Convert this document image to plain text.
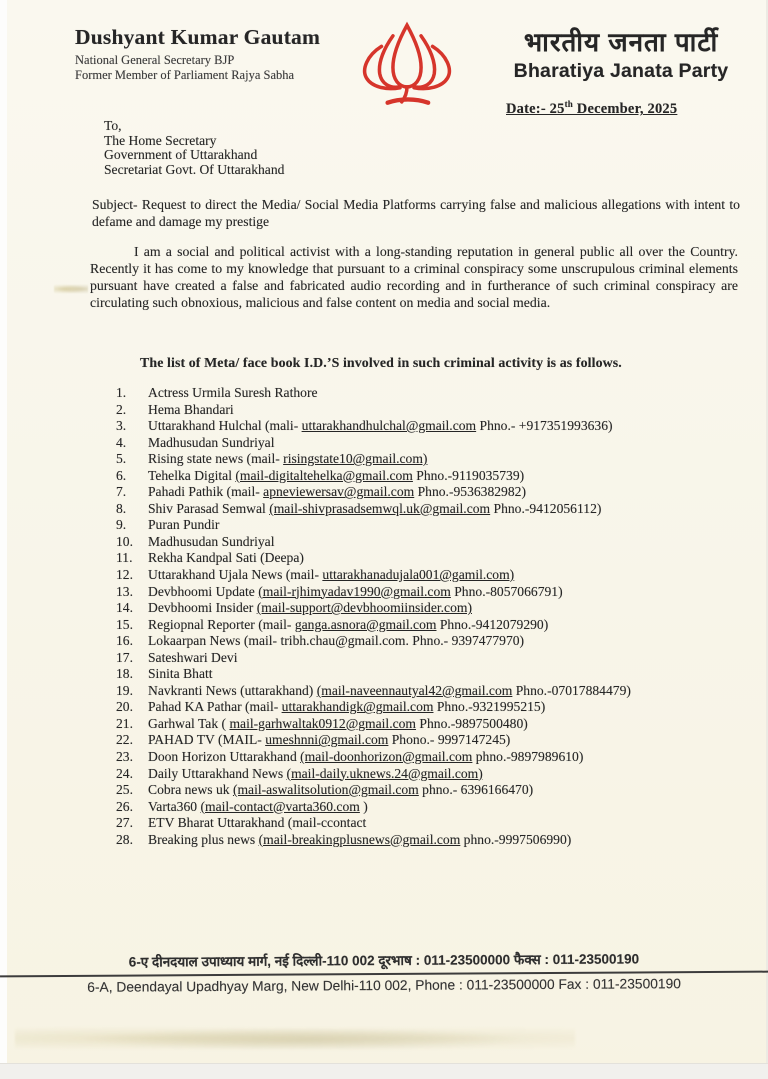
Dushyant Kumar Gautam
National General Secretary BJP
Former Member of Parliament Rajya Sabha
भारतीय जनता पार्टी
Bharatiya Janata Party
Date:- 25th December, 2025
To,
The Home Secretary
Government of Uttarakhand
Secretariat Govt. Of Uttarakhand
Subject- Request to direct the Media/ Social Media Platforms carrying false and malicious allegations with intent to defame and damage my prestige
I am a social and political activist with a long-standing reputation in general public all over the Country. Recently it has come to my knowledge that pursuant to a criminal conspiracy some unscrupulous criminal elements pursuant have created a false and fabricated audio recording and in furtherance of such criminal conspiracy are circulating such obnoxious, malicious and false content on media and social media.
The list of Meta/ face book I.D.’S involved in such criminal activity is as follows.
1.	Actress Urmila Suresh Rathore
2.	Hema Bhandari
3.	Uttarakhand Hulchal (mali- uttarakhandhulchal@gmail.com Phno.- +917351993636)
4.	Madhusudan Sundriyal
5.	Rising state news (mail- risingstate10@gmail.com)
6.	Tehelka Digital (mail-digitaltehelka@gmail.com Phno.-9119035739)
7.	Pahadi Pathik (mail- apneviewersav@gmail.com Phno.-9536382982)
8.	Shiv Parasad Semwal (mail-shivprasadsemwql.uk@gmail.com Phno.-9412056112)
9.	Puran Pundir
10.	Madhusudan Sundriyal
11.	Rekha Kandpal Sati (Deepa)
12.	Uttarakhand Ujala News (mail- uttarakhanadujala001@gamil.com)
13.	Devbhoomi Update (mail-rjhimyadav1990@gmail.com Phno.-8057066791)
14.	Devbhoomi Insider (mail-support@devbhoomiinsider.com)
15.	Regiopnal Reporter (mail- ganga.asnora@gmail.com Phno.-9412079290)
16.	Lokaarpan News (mail- tribh.chau@gmail.com. Phno.- 9397477970)
17.	Sateshwari Devi
18.	Sinita Bhatt
19.	Navkranti News (uttarakhand) (mail-naveennautyal42@gmail.com Phno.-07017884479)
20.	Pahad KA Pathar (mail- uttarakhandigk@gmail.com Phno.-9321995215)
21.	Garhwal Tak ( mail-garhwaltak0912@gmail.com Phno.-9897500480)
22.	PAHAD TV (MAIL- umeshnni@gmail.com Phono.- 9997147245)
23.	Doon Horizon Uttarakhand (mail-doonhorizon@gmail.com phno.-9897989610)
24.	Daily Uttarakhand News (mail-daily.uknews.24@gmail.com)
25.	Cobra news uk (mail-aswalitsolution@gmail.com phno.- 6396166470)
26.	Varta360 (mail-contact@varta360.com )
27.	ETV Bharat Uttarakhand (mail-ccontact
28.	Breaking plus news (mail-breakingplusnews@gmail.com phno.-9997506990)
6-ए दीनदयाल उपाध्याय मार्ग, नई दिल्ली-110 002 दूरभाष : 011-23500000 फैक्स : 011-23500190
6-A, Deendayal Upadhyay Marg, New Delhi-110 002, Phone : 011-23500000 Fax : 011-23500190
